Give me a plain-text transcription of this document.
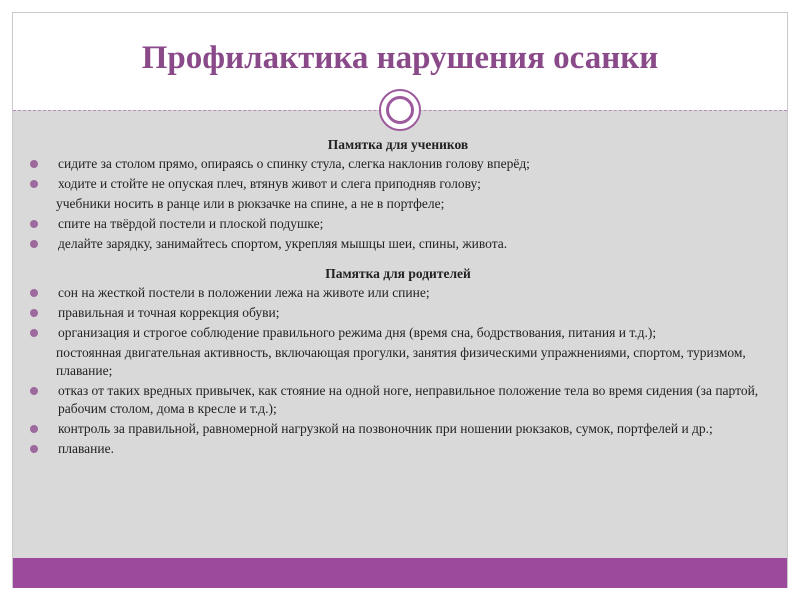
Профилактика нарушения осанки
Памятка для учеников
сидите за столом прямо, опираясь о спинку стула, слегка наклонив голову вперёд;
ходите и стойте не опуская плеч, втянув живот и слега приподняв голову;
учебники носить в ранце или в рюкзачке на спине, а не в портфеле;
спите на твёрдой постели и плоской подушке;
делайте зарядку, занимайтесь спортом, укрепляя мышцы шеи, спины, живота.
Памятка для родителей
сон на жесткой постели в положении лежа на животе или спине;
правильная и точная коррекция обуви;
организация и строгое соблюдение правильного режима дня (время сна, бодрствования, питания и т.д.);
постоянная двигательная активность, включающая прогулки, занятия физическими упражнениями, спортом, туризмом, плавание;
отказ от таких вредных привычек, как стояние на одной ноге, неправильное положение тела во время сидения (за партой, рабочим столом, дома в кресле и т.д.);
контроль за правильной, равномерной нагрузкой на позвоночник при ношении рюкзаков, сумок, портфелей и др.;
плавание.
